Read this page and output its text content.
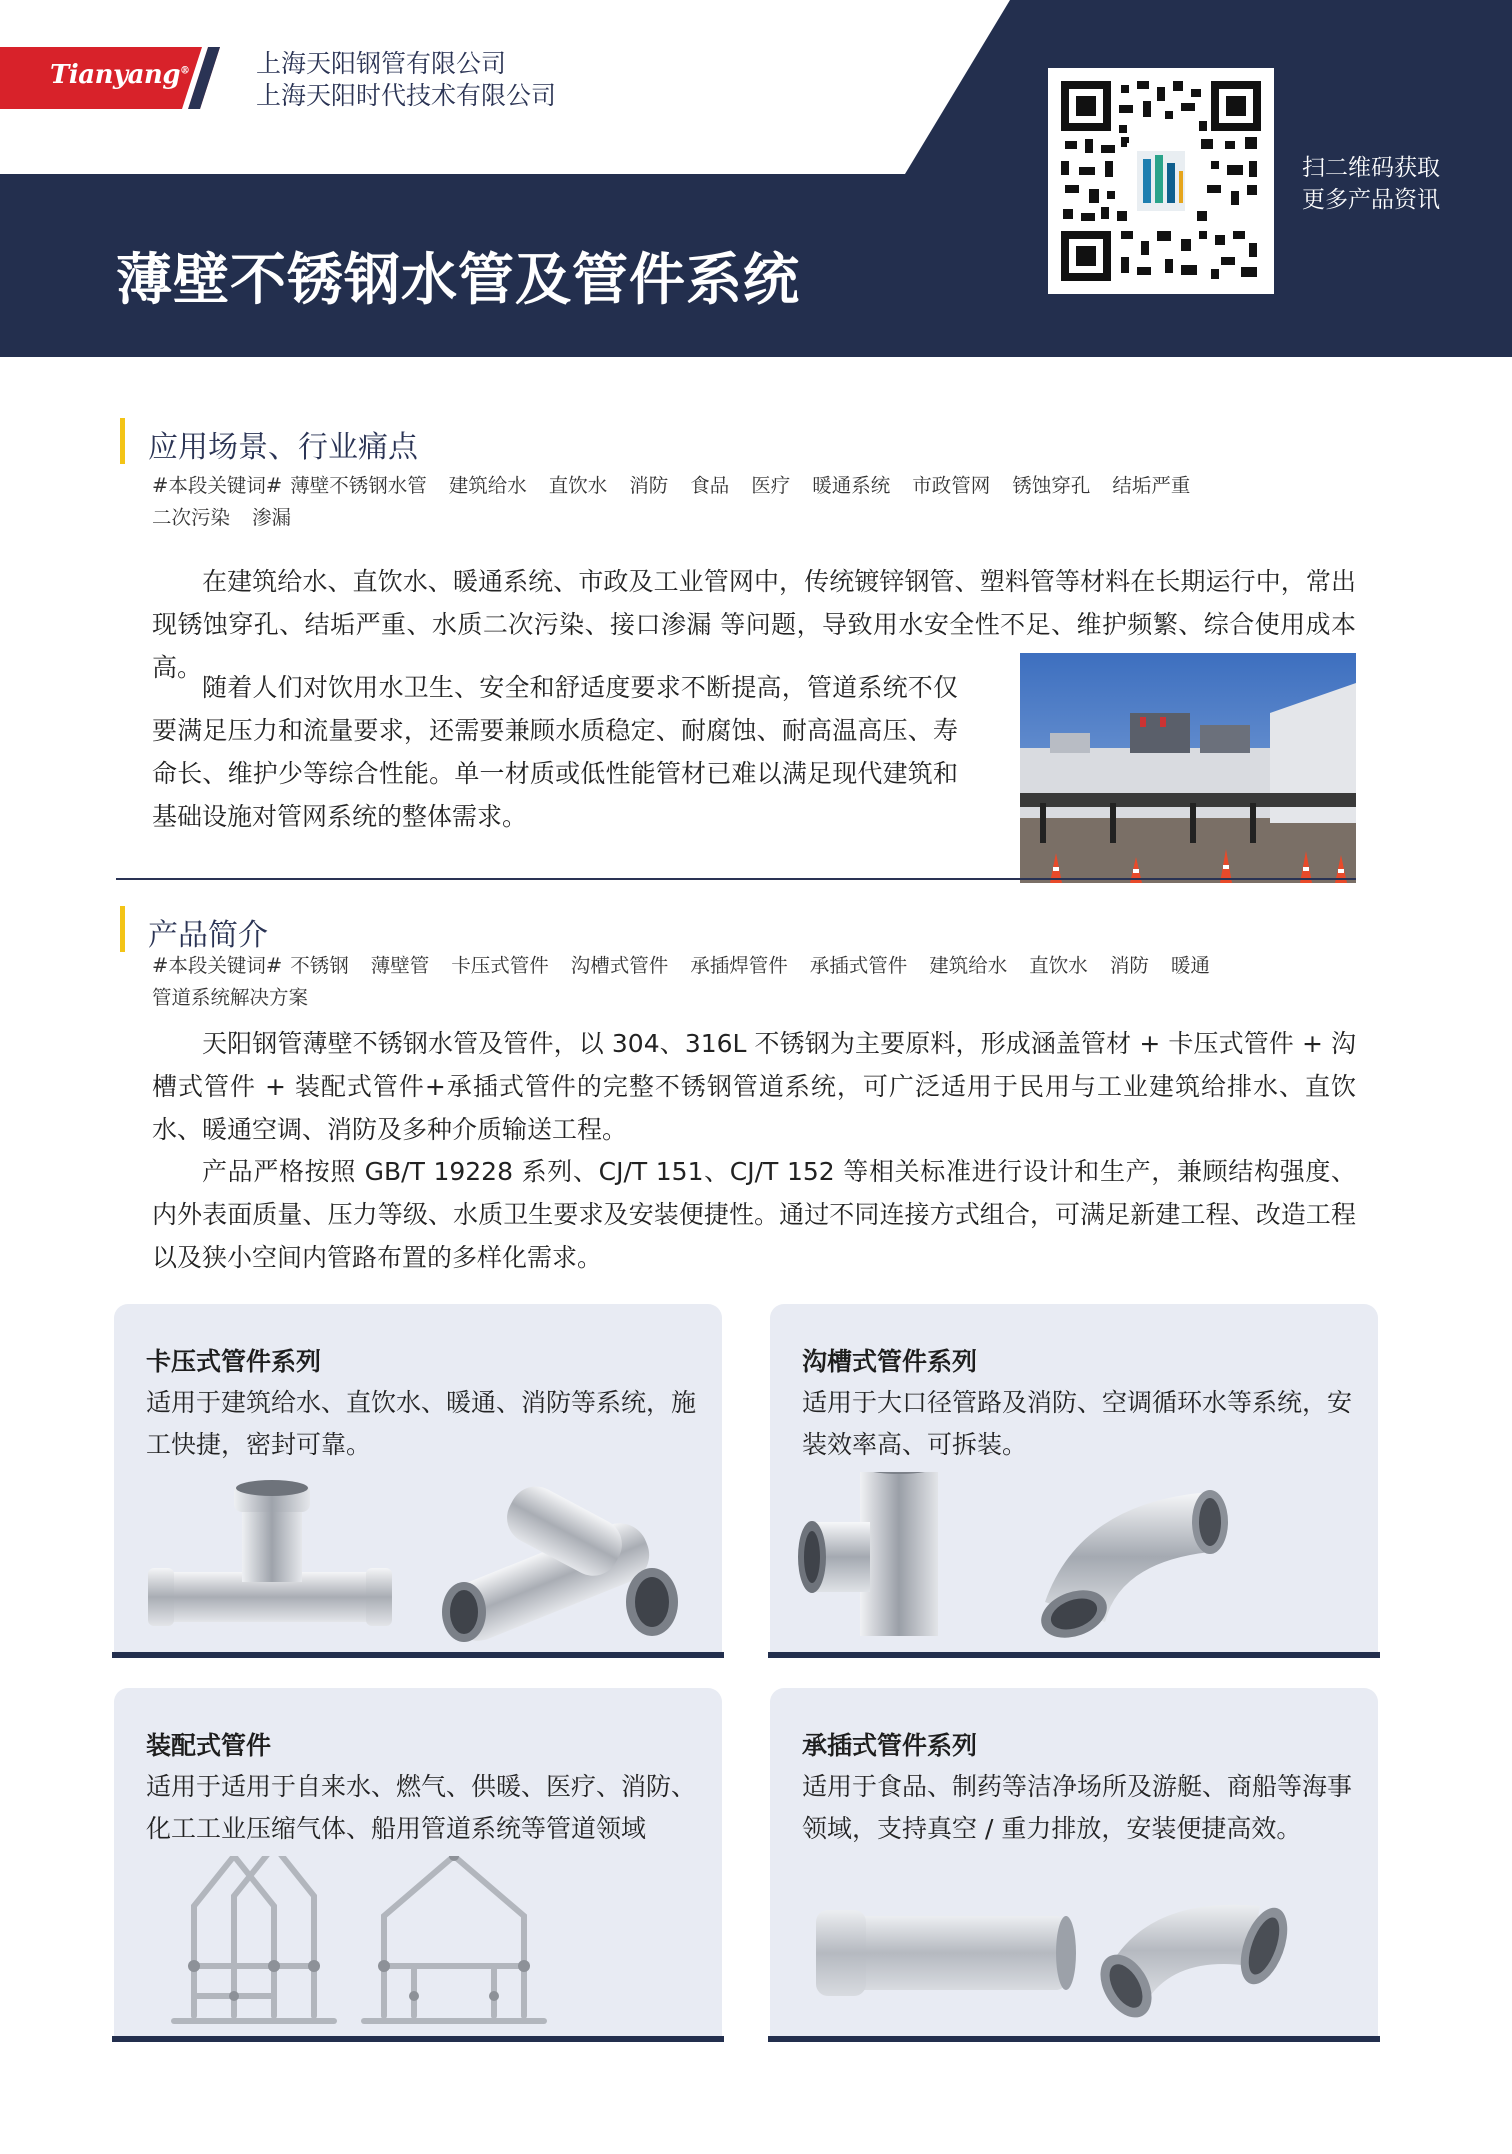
Tianyang®	上海天阳钢管有限公司
上海天阳时代技术有限公司
薄壁不锈钢水管及管件系统
扫二维码获取
更多产品资讯
应用场景、行业痛点
#本段关键词# 薄壁不锈钢水管 建筑给水 直饮水 消防 食品 医疗 暖通系统 市政管网 锈蚀穿孔 结垢严重
二次污染 渗漏
在建筑给水、直饮水、暖通系统、市政及工业管网中，传统镀锌钢管、塑料管等材料在长期运行中，常出现锈蚀穿孔、结垢严重、水质二次污染、接口渗漏 等问题，导致用水安全性不足、维护频繁、综合使用成本高。
随着人们对饮用水卫生、安全和舒适度要求不断提高，管道系统不仅要满足压力和流量要求，还需要兼顾水质稳定、耐腐蚀、耐高温高压、寿命长、维护少等综合性能。单一材质或低性能管材已难以满足现代建筑和基础设施对管网系统的整体需求。
产品简介
#本段关键词# 不锈钢 薄壁管 卡压式管件 沟槽式管件 承插焊管件 承插式管件 建筑给水 直饮水 消防 暖通
管道系统解决方案
天阳钢管薄壁不锈钢水管及管件，以 304、316L 不锈钢为主要原料，形成涵盖管材 + 卡压式管件 + 沟槽式管件 + 装配式管件+承插式管件的完整不锈钢管道系统，可广泛适用于民用与工业建筑给排水、直饮水、暖通空调、消防及多种介质输送工程。
产品严格按照 GB/T 19228 系列、CJ/T 151、CJ/T 152 等相关标准进行设计和生产，兼顾结构强度、内外表面质量、压力等级、水质卫生要求及安装便捷性。通过不同连接方式组合，可满足新建工程、改造工程以及狭小空间内管路布置的多样化需求。
卡压式管件系列
适用于建筑给水、直饮水、暖通、消防等系统，施工快捷，密封可靠。
沟槽式管件系列
适用于大口径管路及消防、空调循环水等系统，安装效率高、可拆装。
装配式管件
适用于适用于自来水、燃气、供暖、医疗、消防、化工工业压缩气体、船用管道系统等管道领域
承插式管件系列
适用于食品、制药等洁净场所及游艇、商船等海事领域，支持真空 / 重力排放，安装便捷高效。
